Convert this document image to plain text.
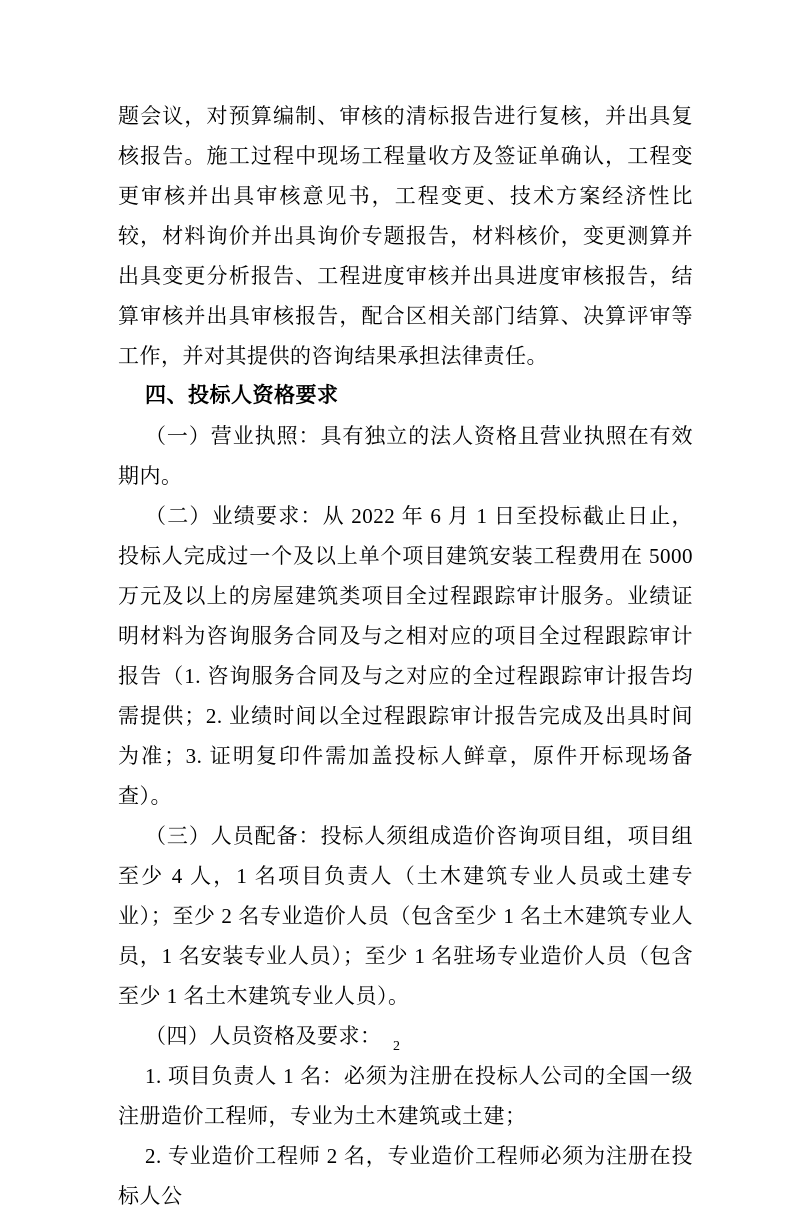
题会议，对预算编制、审核的清标报告进行复核，并出具复核报告。施工过程中现场工程量收方及签证单确认，工程变更审核并出具审核意见书，工程变更、技术方案经济性比较，材料询价并出具询价专题报告，材料核价，变更测算并出具变更分析报告、工程进度审核并出具进度审核报告，结算审核并出具审核报告，配合区相关部门结算、决算评审等工作，并对其提供的咨询结果承担法律责任。

四、投标人资格要求

（一）营业执照：具有独立的法人资格且营业执照在有效期内。

（二）业绩要求：从 2022 年 6 月 1 日至投标截止日止，投标人完成过一个及以上单个项目建筑安装工程费用在 5000 万元及以上的房屋建筑类项目全过程跟踪审计服务。业绩证明材料为咨询服务合同及与之相对应的项目全过程跟踪审计报告（1. 咨询服务合同及与之对应的全过程跟踪审计报告均需提供；2. 业绩时间以全过程跟踪审计报告完成及出具时间为准；3. 证明复印件需加盖投标人鲜章，原件开标现场备查）。

（三）人员配备：投标人须组成造价咨询项目组，项目组至少 4 人，1 名项目负责人（土木建筑专业人员或土建专业）；至少 2 名专业造价人员（包含至少 1 名土木建筑专业人员，1 名安装专业人员）；至少 1 名驻场专业造价人员（包含至少 1 名土木建筑专业人员）。

（四）人员资格及要求：

1. 项目负责人 1 名：必须为注册在投标人公司的全国一级注册造价工程师，专业为土木建筑或土建；

2. 专业造价工程师 2 名，专业造价工程师必须为注册在投标人公

2
